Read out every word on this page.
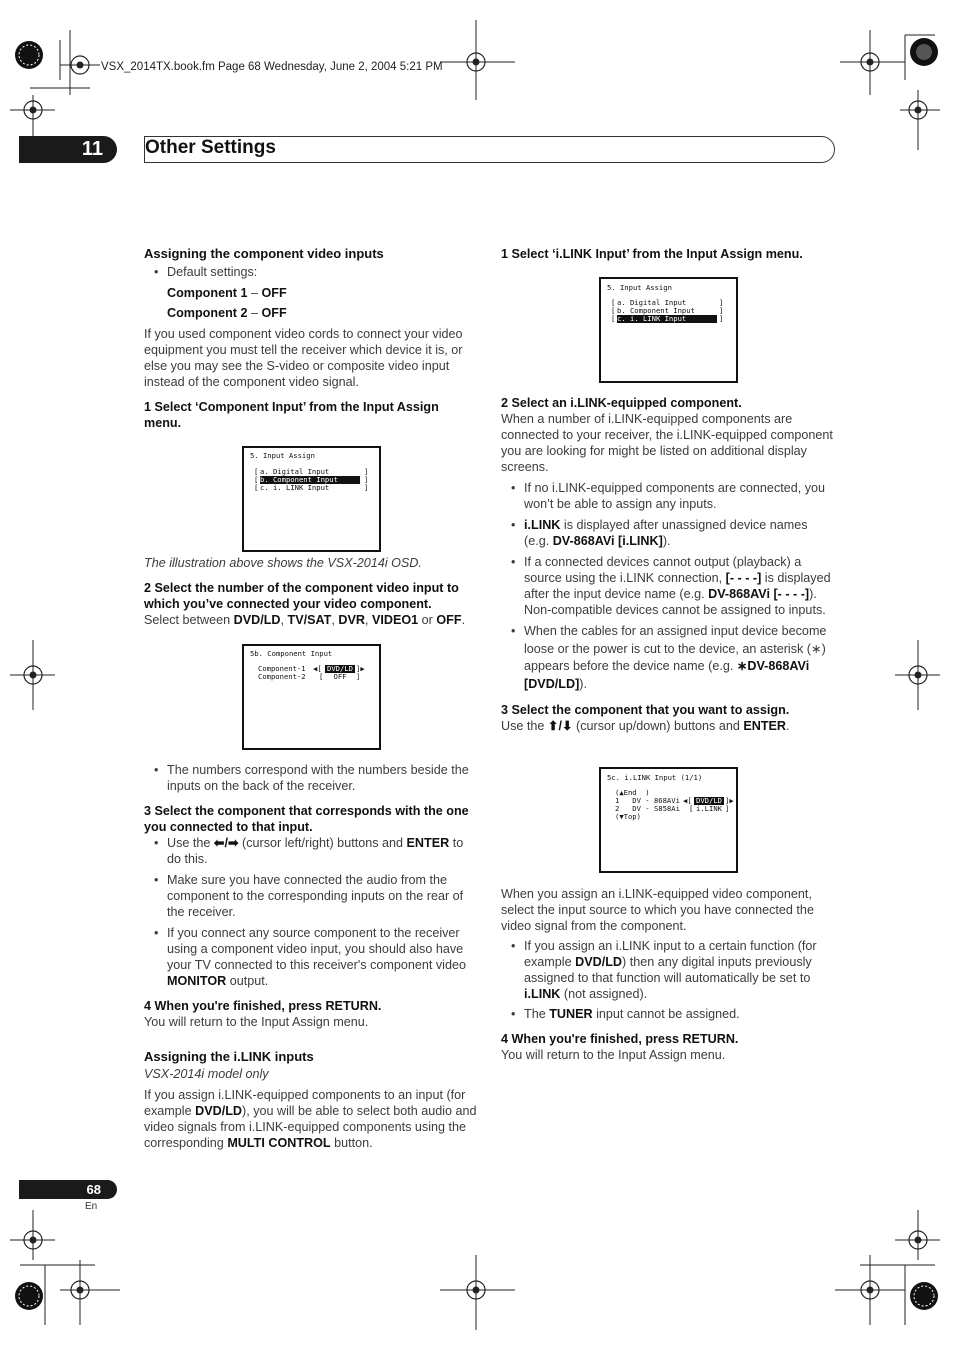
VSX_2014TX.book.fm Page 68 Wednesday, June 2, 2004 5:21 PM
11	Other Settings

Assigning the component video inputs

• Default settings:

Component 1 – OFF

Component 2 – OFF

If you used component video cords to connect your video equipment you must tell the receiver which device it is, or else you may see the S-video or composite video input instead of the component video signal.

1 Select ‘Component Input’ from the Input Assign menu.

5. Input Assign
[	]
[	]
[	]
a. Digital Input
b. Component Input
c. i. LINK Input

The illustration above shows the VSX-2014i OSD.

2 Select the number of the component video input to which you’ve connected your video component.

Select between DVD/LD, TV/SAT, DVR, VIDEO1 or OFF.

5b. Component Input
Component-1 ◀[ DVD/LD ]▶
Component-2 [	OFF	]

• The numbers correspond with the numbers beside the inputs on the back of the receiver.

3 Select the component that corresponds with the one you connected to that input.

• Use the ⬅/➡ (cursor left/right) buttons and ENTER to do this.

• Make sure you have connected the audio from the component to the corresponding inputs on the rear of the receiver.

• If you connect any source component to the receiver using a component video input, you should also have your TV connected to this receiver's component video MONITOR output.

4 When you're finished, press RETURN.

You will return to the Input Assign menu.

Assigning the i.LINK inputs

VSX-2014i model only

If you assign i.LINK-equipped components to an input (for example DVD/LD), you will be able to select both audio and video signals from i.LINK-equipped components using the corresponding MULTI CONTROL button.

1 Select ‘i.LINK Input’ from the Input Assign menu.

5. Input Assign
[	]
[	]
[	]
a. Digital Input
b. Component Input
c. i. LINK Input

2 Select an i.LINK-equipped component.

When a number of i.LINK-equipped components are connected to your receiver, the i.LINK-equipped component you are looking for might be listed on additional display screens.

• If no i.LINK-equipped components are connected, you won’t be able to assign any inputs.

• i.LINK is displayed after unassigned device names (e.g. DV-868AVi [i.LINK]).

• If a connected devices cannot output (playback) a source using the i.LINK connection, [- - - -] is displayed after the input device name (e.g. DV-868AVi [- - - -]). Non-compatible devices cannot be assigned to inputs.

• When the cables for an assigned input device become loose or the power is cut to the device, an asterisk (∗) appears before the device name (e.g. ∗DV-868AVi [DVD/LD]).

3 Select the component that you want to assign.

Use the ⬆/⬇ (cursor up/down) buttons and ENTER.

5c. i.LINK Input (1/1)
(▲End  )
1   DV - 868AVi
2   DV - S858Ai
(▼Top)
◀[ DVD/LD ]▶
[ i.LINK ]

When you assign an i.LINK-equipped video component, select the input source to which you have connected the video signal from the component.

• If you assign an i.LINK input to a certain function (for example DVD/LD) then any digital inputs previously assigned to that function will automatically be set to i.LINK (not assigned).

• The TUNER input cannot be assigned.

4 When you're finished, press RETURN.

You will return to the Input Assign menu.

68
En
